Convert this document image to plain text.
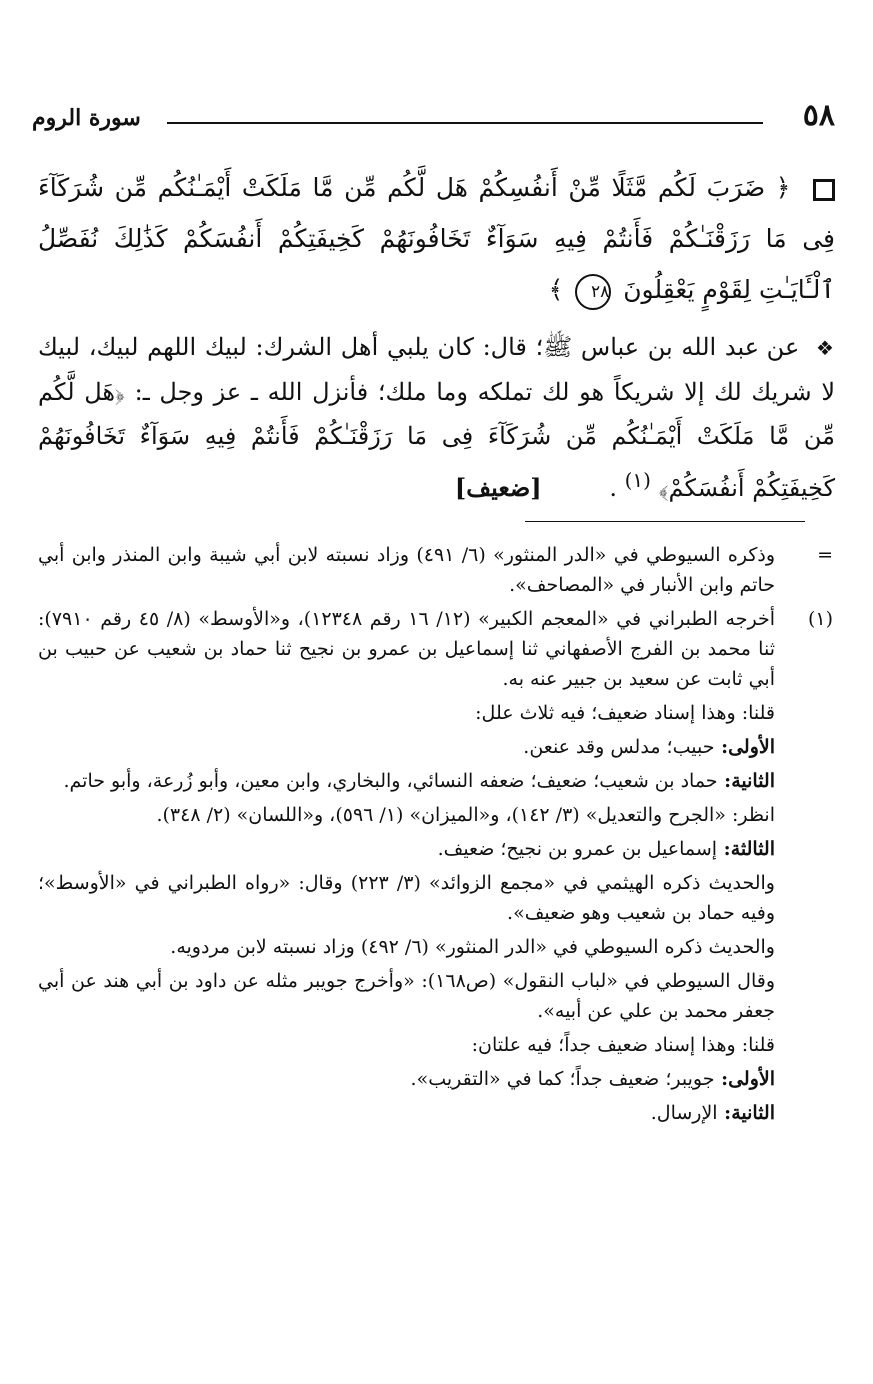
٥٨
سورة الروم

﴿ ضَرَبَ لَكُم مَّثَلًا مِّنْ أَنفُسِكُمْ هَل لَّكُم مِّن مَّا مَلَكَتْ أَيْمَـٰنُكُم مِّن شُرَكَآءَ فِى مَا رَزَقْنَـٰكُمْ فَأَنتُمْ فِيهِ سَوَآءٌ تَخَافُونَهُمْ كَخِيفَتِكُمْ أَنفُسَكُمْ كَذَٰلِكَ نُفَصِّلُ ٱلْـَٔايَـٰتِ لِقَوْمٍ يَعْقِلُونَ ٢٨ ﴾

❖ عن عبد الله بن عباس ﷺ؛ قال: كان يلبي أهل الشرك: لبيك اللهم لبيك، لبيك لا شريك لك إلا شريكاً هو لك تملكه وما ملك؛ فأنزل الله ـ عز وجل ـ: ﴿هَل لَّكُم مِّن مَّا مَلَكَتْ أَيْمَـٰنُكُم مِّن شُرَكَآءَ فِى مَا رَزَقْنَـٰكُمْ فَأَنتُمْ فِيهِ سَوَآءٌ تَخَافُونَهُمْ كَخِيفَتِكُمْ أَنفُسَكُمْ﴾ $^{(١)}$ . [ضعيف]

=
وذكره السيوطي في «الدر المنثور» (٦/ ٤٩١) وزاد نسبته لابن أبي شيبة وابن المنذر وابن أبي حاتم وابن الأنبار في «المصاحف».

(١)
أخرجه الطبراني في «المعجم الكبير» (١٢/ ١٦ رقم ١٢٣٤٨)، و«الأوسط» (٨/ ٤٥ رقم ٧٩١٠): ثنا محمد بن الفرج الأصفهاني ثنا إسماعيل بن عمرو بن نجيح ثنا حماد بن شعيب عن حبيب بن أبي ثابت عن سعيد بن جبير عنه به.

قلنا: وهذا إسناد ضعيف؛ فيه ثلاث علل:

الأولى: حبيب؛ مدلس وقد عنعن.

الثانية: حماد بن شعيب؛ ضعيف؛ ضعفه النسائي، والبخاري، وابن معين، وأبو زُرعة، وأبو حاتم.

انظر: «الجرح والتعديل» (٣/ ١٤٢)، و«الميزان» (١/ ٥٩٦)، و«اللسان» (٢/ ٣٤٨).

الثالثة: إسماعيل بن عمرو بن نجيح؛ ضعيف.

والحديث ذكره الهيثمي في «مجمع الزوائد» (٣/ ٢٢٣) وقال: «رواه الطبراني في «الأوسط»؛ وفيه حماد بن شعيب وهو ضعيف».

والحديث ذكره السيوطي في «الدر المنثور» (٦/ ٤٩٢) وزاد نسبته لابن مردويه.

وقال السيوطي في «لباب النقول» (ص١٦٨): «وأخرج جويبر مثله عن داود بن أبي هند عن أبي جعفر محمد بن علي عن أبيه».

قلنا: وهذا إسناد ضعيف جداً؛ فيه علتان:

الأولى: جويبر؛ ضعيف جداً؛ كما في «التقريب».

الثانية: الإرسال.
